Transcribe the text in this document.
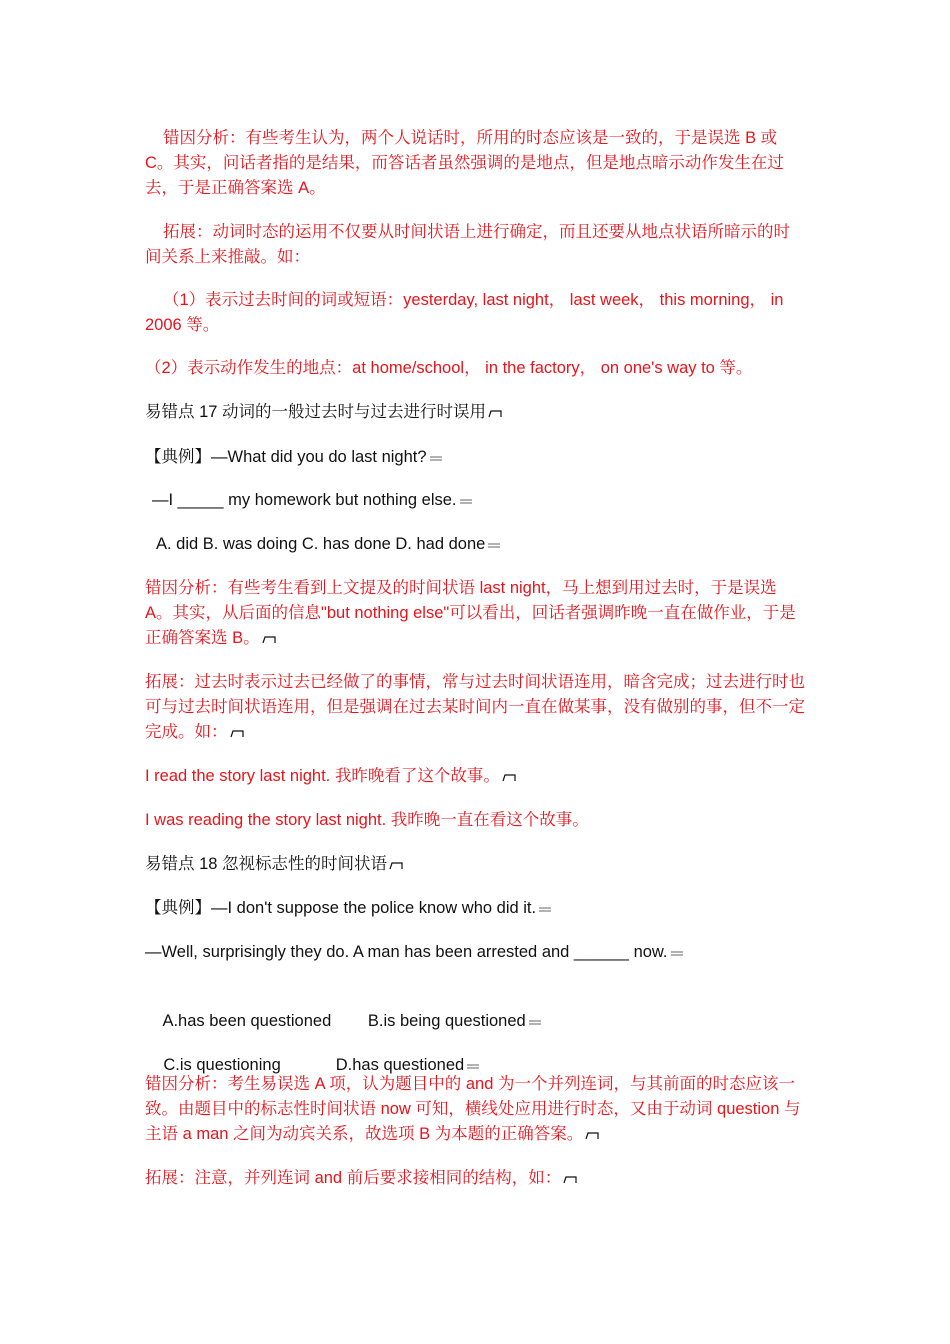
错因分析：有些考生认为，两个人说话时，所用的时态应该是一致的，于是误选 B 或 C。其实，问话者指的是结果，而答话者虽然强调的是地点，但是地点暗示动作发生在过去，于是正确答案选 A。

拓展：动词时态的运用不仅要从时间状语上进行确定，而且还要从地点状语所暗示的时间关系上来推敲。如：

（1）表示过去时间的词或短语：yesterday, last night， last week， this morning， in 2006 等。

（2）表示动作发生的地点：at home/school， in the factory， on one's way to 等。

易错点 17 动词的一般过去时与过去进行时误用
【典例】—What did you do last night?
—I _____ my homework but nothing else.
A. did B. was doing C. has done D. had done
错因分析：有些考生看到上文提及的时间状语 last night，马上想到用过去时，于是误选 A。其实，从后面的信息"but nothing else"可以看出，回话者强调昨晚一直在做作业，于是正确答案选 B。
拓展：过去时表示过去已经做了的事情，常与过去时间状语连用，暗含完成；过去进行时也可与过去时间状语连用，但是强调在过去某时间内一直在做某事，没有做别的事，但不一定完成。如：
I read the story last night. 我昨晚看了这个故事。

I was reading the story last night. 我昨晚一直在看这个故事。

易错点 18 忽视标志性的时间状语
【典例】—I don't suppose the police know who did it.
—Well, surprisingly they do. A man has been arrested and ______ now.

A.has been questioned        B.is being questioned

C.is questioning            D.has questioned

错因分析：考生易误选 A 项，认为题目中的 and 为一个并列连词，与其前面的时态应该一致。由题目中的标志性时间状语 now 可知，横线处应用进行时态，又由于动词 question 与主语 a man 之间为动宾关系，故选项 B 为本题的正确答案。
拓展：注意，并列连词 and 前后要求接相同的结构，如：
